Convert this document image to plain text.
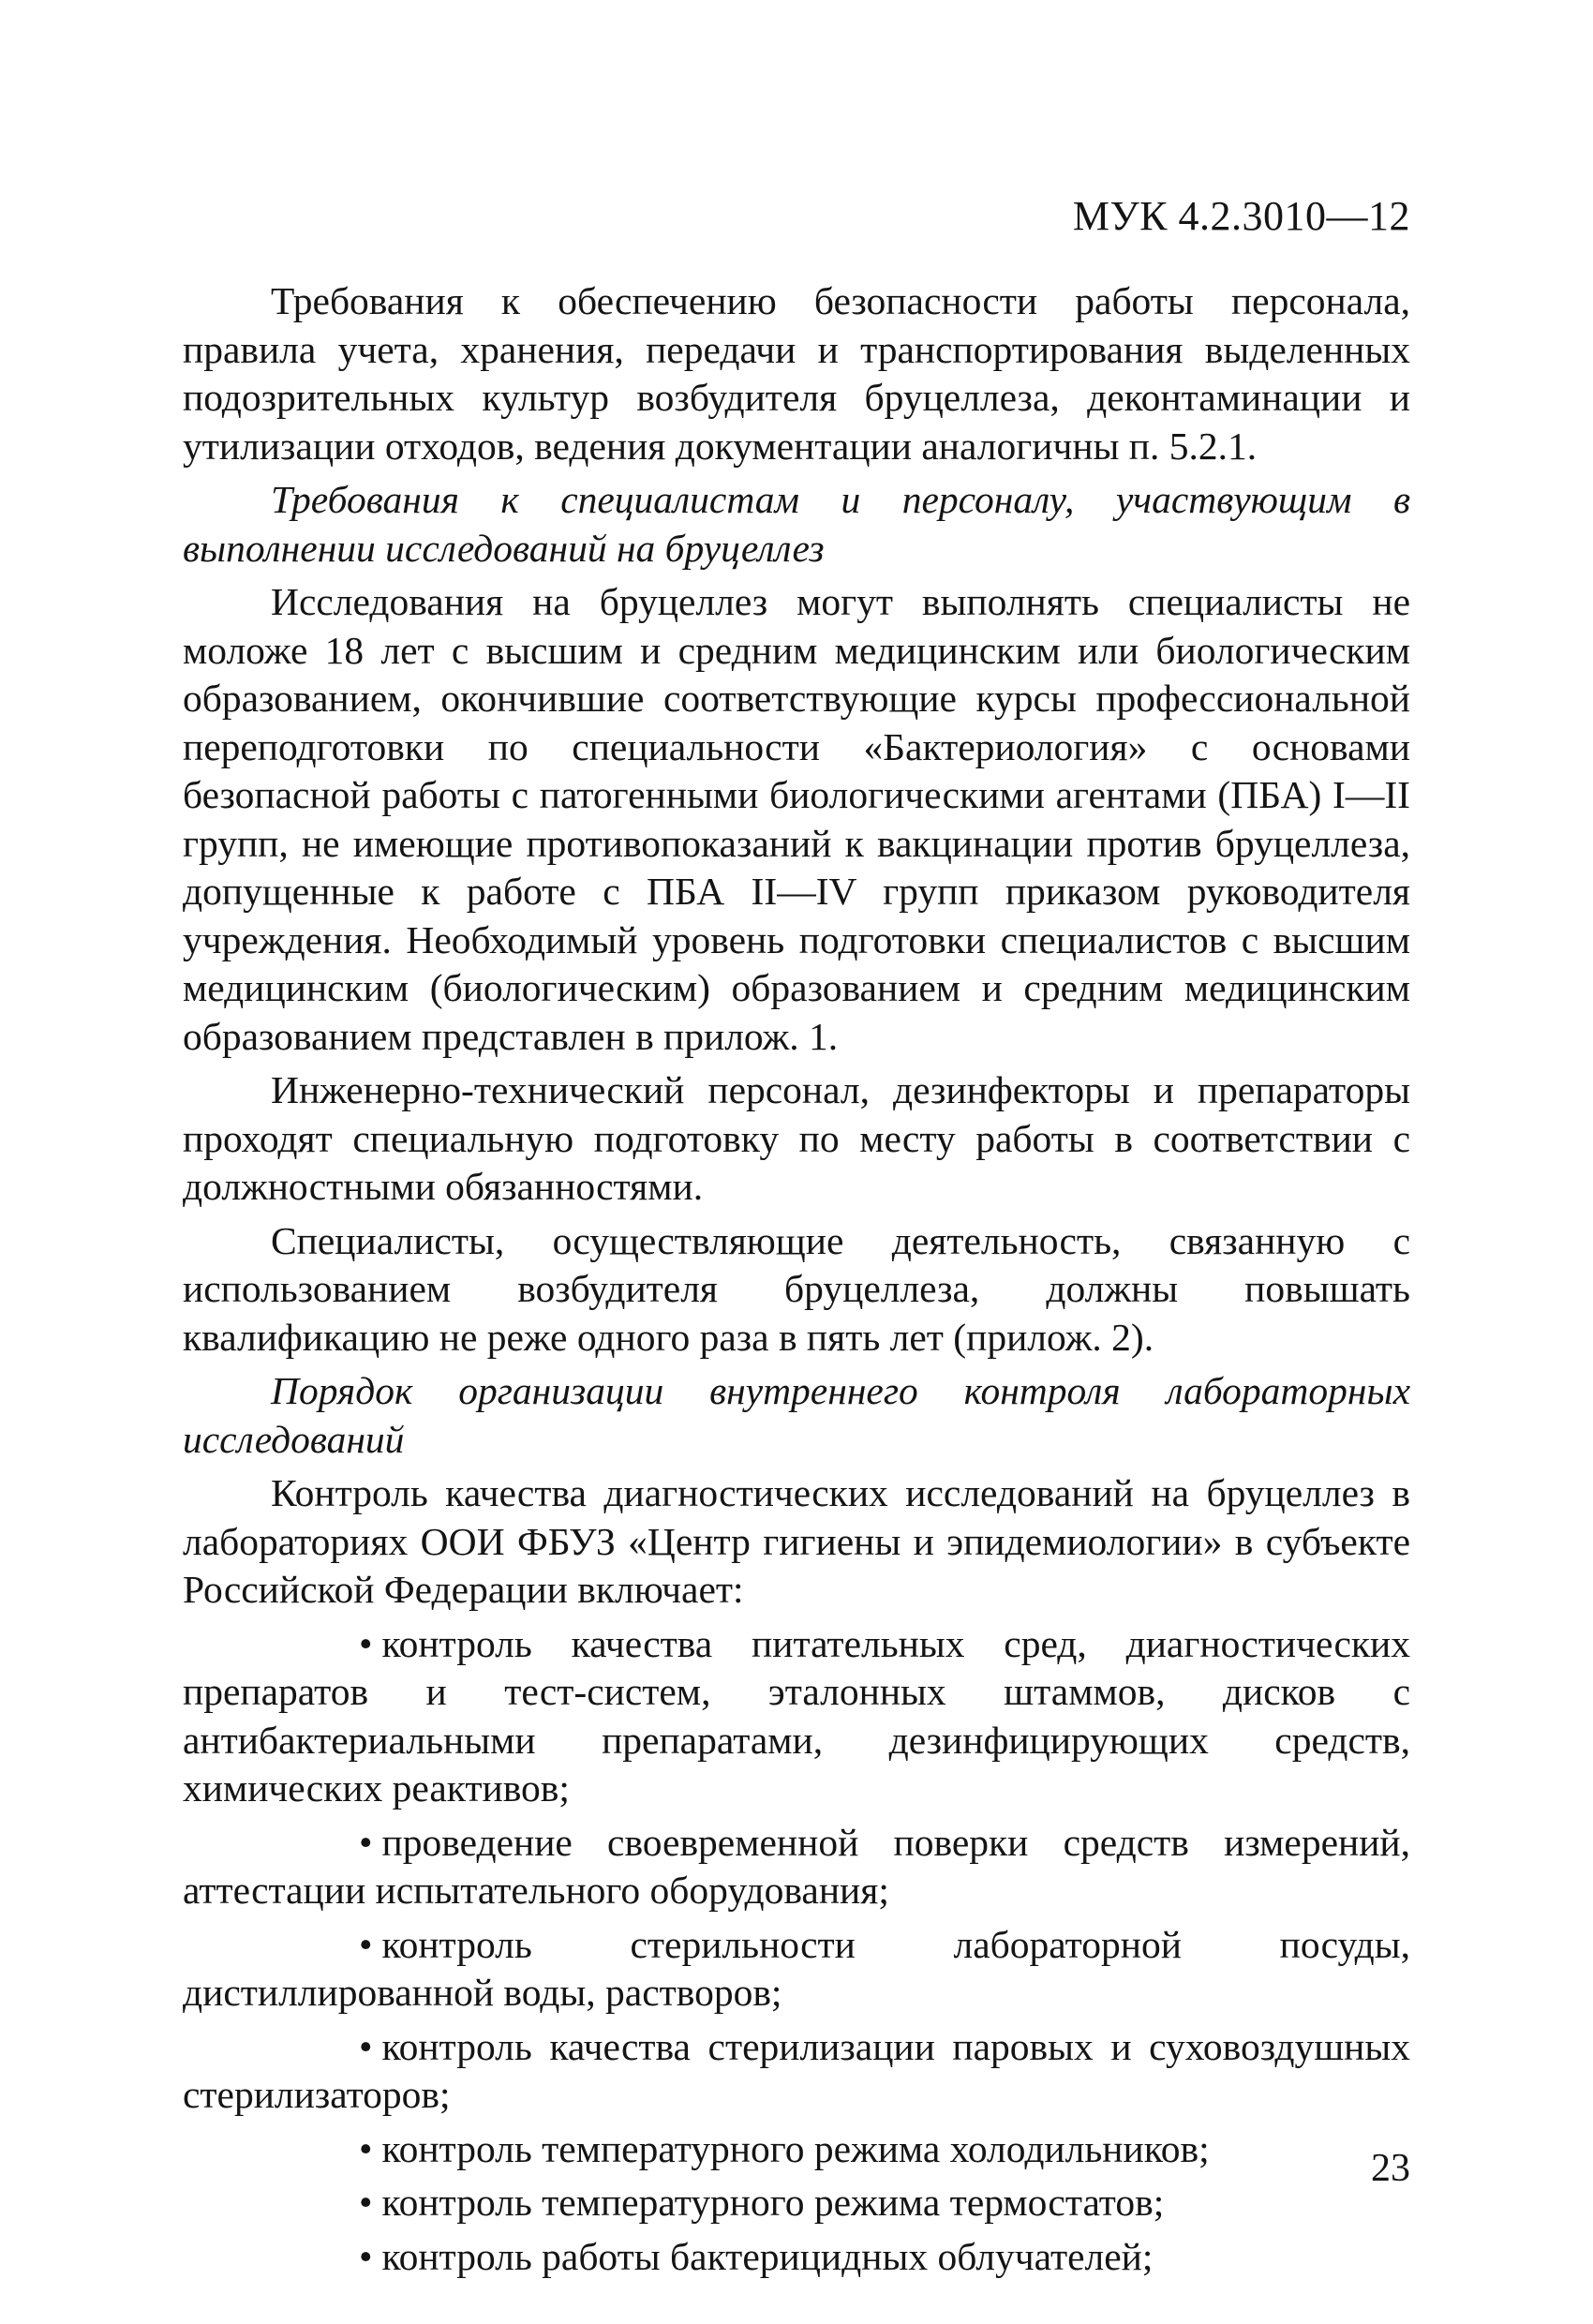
МУК 4.2.3010—12

Требования к обеспечению безопасности работы персонала, правила учета, хранения, передачи и транспортирования выделенных подозрительных культур возбудителя бруцеллеза, деконтаминации и утилизации отходов, ведения документации аналогичны п. 5.2.1.

Требования к специалистам и персоналу, участвующим в выполнении исследований на бруцеллез

Исследования на бруцеллез могут выполнять специалисты не моложе 18 лет с высшим и средним медицинским или биологическим образованием, окончившие соответствующие курсы профессиональной переподготовки по специальности «Бактериология» с основами безопасной работы с патогенными биологическими агентами (ПБА) I—II групп, не имеющие противопоказаний к вакцинации против бруцеллеза, допущенные к работе с ПБА II—IV групп приказом руководителя учреждения. Необходимый уровень подготовки специалистов с высшим медицинским (биологическим) образованием и средним медицинским образованием представлен в прилож. 1.

Инженерно-технический персонал, дезинфекторы и препараторы проходят специальную подготовку по месту работы в соответствии с должностными обязанностями.

Специалисты, осуществляющие деятельность, связанную с использованием возбудителя бруцеллеза, должны повышать квалификацию не реже одного раза в пять лет (прилож. 2).

Порядок организации внутреннего контроля лабораторных исследований

Контроль качества диагностических исследований на бруцеллез в лабораториях ООИ ФБУЗ «Центр гигиены и эпидемиологии» в субъекте Российской Федерации включает:

• контроль качества питательных сред, диагностических препаратов и тест-систем, эталонных штаммов, дисков с антибактериальными препаратами, дезинфицирующих средств, химических реактивов;

• проведение своевременной поверки средств измерений, аттестации испытательного оборудования;

• контроль стерильности лабораторной посуды, дистиллированной воды, растворов;

• контроль качества стерилизации паровых и суховоздушных стерилизаторов;

• контроль температурного режима холодильников;

• контроль температурного режима термостатов;

• контроль работы бактерицидных облучателей;

23
